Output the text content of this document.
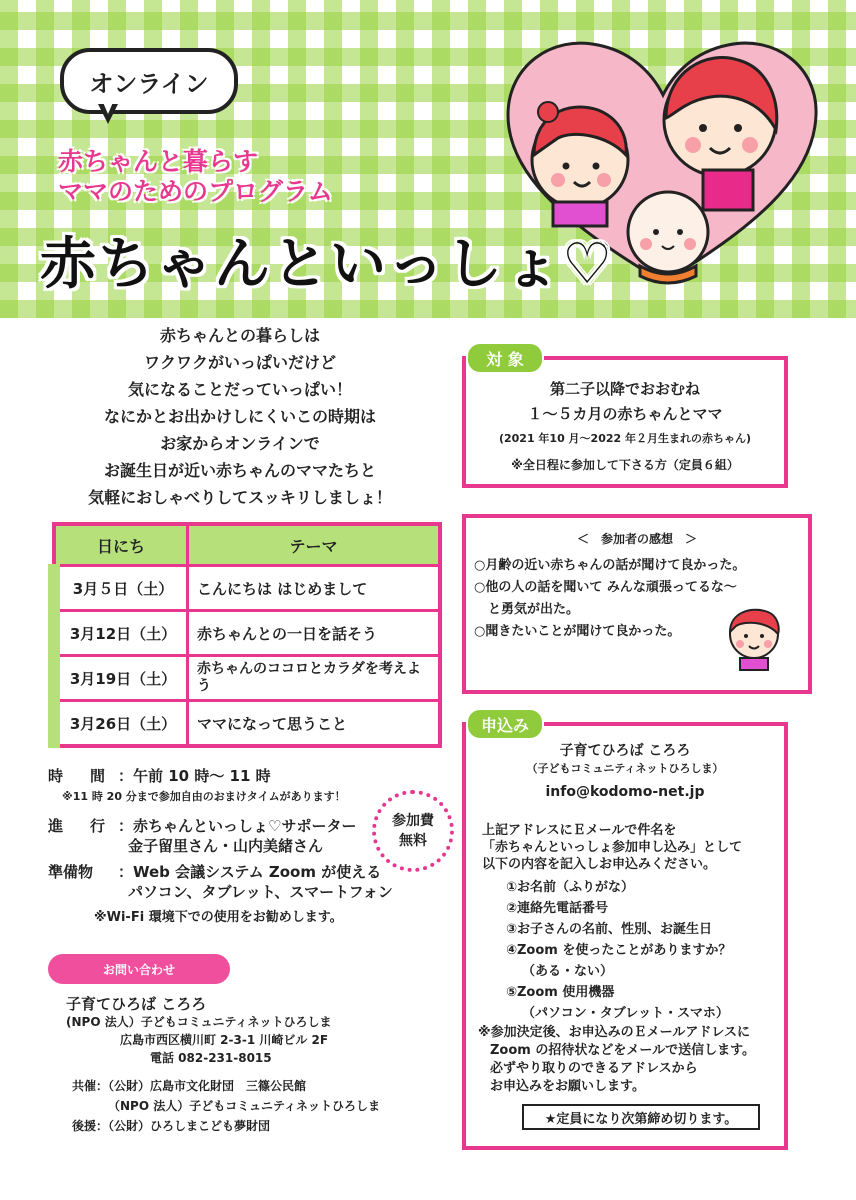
オンライン
赤ちゃんと暮らす
ママのためのプログラム
赤ちゃんといっしょ♡
赤ちゃんとの暮らしは
ワクワクがいっぱいだけど
気になることだっていっぱい！
なにかとお出かけしにくいこの時期は
お家からオンラインで
お誕生日が近い赤ちゃんのママたちと
気軽におしゃべりしてスッキリしましょ！
日にち	テーマ
3月５日（土）	こんにちは はじめまして
3月12日（土）	赤ちゃんとの一日を話そう
3月19日（土）	赤ちゃんのココロとカラダを考えよう
3月26日（土）	ママになって思うこと
時　間 ：午前 10 時～ 11 時
※11 時 20 分まで参加自由のおまけタイムがあります！
進　行 ：赤ちゃんといっしょ♡サポーター
金子留里さん・山内美緒さん
参加費
無料
準備物 ：Web 会議システム Zoom が使える
パソコン、タブレット、スマートフォン
※Wi-Fi 環境下での使用をお勧めします。
お問い合わせ
子育てひろば ころろ
(NPO 法人）子どもコミュニティネットひろしま
広島市西区横川町 2-3-1 川崎ビル 2F
電話 082-231-8015
共催：（公財）広島市文化財団　三篠公民館
（NPO 法人）子どもコミュニティネットひろしま
後援：（公財）ひろしまこども夢財団
第二子以降でおおむね
１～５カ月の赤ちゃんとママ
(2021 年10 月～2022 年２月生まれの赤ちゃん)
※全日程に参加して下さる方（定員６組）
対 象
＜　参加者の感想　＞
○月齢の近い赤ちゃんの話が聞けて良かった。
○他の人の話を聞いて みんな頑張ってるな～
と勇気が出た。
○聞きたいことが聞けて良かった。
子育てひろば ころろ
（子どもコミュニティネットひろしま）
info@kodomo-net.jp
上記アドレスにＥメールで件名を
「赤ちゃんといっしょ参加申し込み」として
以下の内容を記入しお申込みください。
①お名前（ふりがな）
②連絡先電話番号
③お子さんの名前、性別、お誕生日
④Zoom を使ったことがありますか？
（ある・ない）
⑤Zoom 使用機器
（パソコン・タブレット・スマホ）
※参加決定後、お申込みのＥメールアドレスに
Zoom の招待状などをメールで送信します。
必ずやり取りのできるアドレスから
お申込みをお願いします。
申込み
★定員になり次第締め切ります。
